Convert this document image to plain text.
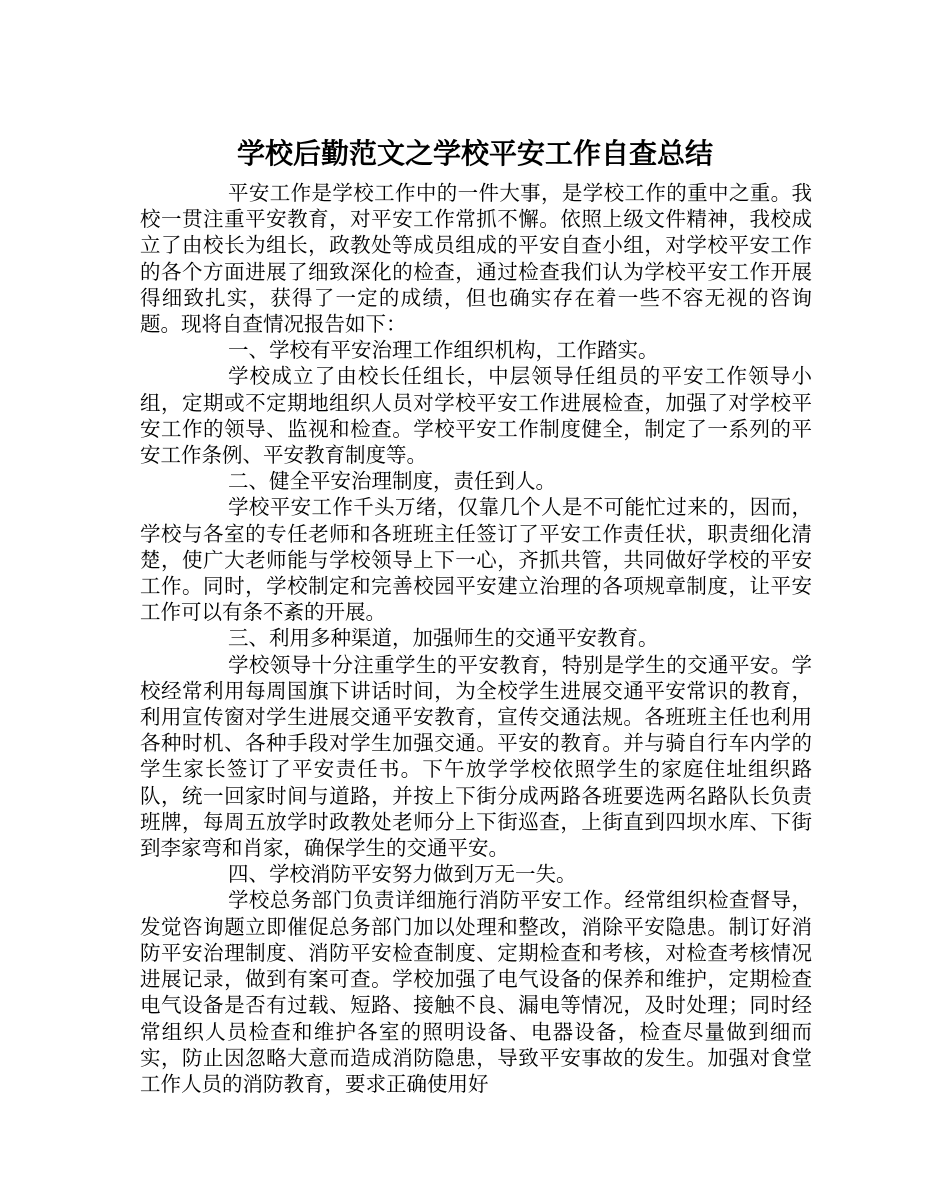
学校后勤范文之学校平安工作自查总结

平安工作是学校工作中的一件大事，是学校工作的重中之重。我校一贯注重平安教育，对平安工作常抓不懈。依照上级文件精神，我校成立了由校长为组长，政教处等成员组成的平安自查小组，对学校平安工作的各个方面进展了细致深化的检查，通过检查我们认为学校平安工作开展得细致扎实，获得了一定的成绩，但也确实存在着一些不容无视的咨询题。现将自查情况报告如下：

一、学校有平安治理工作组织机构，工作踏实。

学校成立了由校长任组长，中层领导任组员的平安工作领导小组，定期或不定期地组织人员对学校平安工作进展检查，加强了对学校平安工作的领导、监视和检查。学校平安工作制度健全，制定了一系列的平安工作条例、平安教育制度等。

二、健全平安治理制度，责任到人。

学校平安工作千头万绪，仅靠几个人是不可能忙过来的，因而，学校与各室的专任老师和各班班主任签订了平安工作责任状，职责细化清楚，使广大老师能与学校领导上下一心，齐抓共管，共同做好学校的平安工作。同时，学校制定和完善校园平安建立治理的各项规章制度，让平安工作可以有条不紊的开展。

三、利用多种渠道，加强师生的交通平安教育。

学校领导十分注重学生的平安教育，特别是学生的交通平安。学校经常利用每周国旗下讲话时间，为全校学生进展交通平安常识的教育，利用宣传窗对学生进展交通平安教育，宣传交通法规。各班班主任也利用各种时机、各种手段对学生加强交通。平安的教育。并与骑自行车内学的学生家长签订了平安责任书。下午放学学校依照学生的家庭住址组织路队，统一回家时间与道路，并按上下街分成两路各班要选两名路队长负责班牌，每周五放学时政教处老师分上下街巡查，上街直到四坝水库、下街到李家弯和肖家，确保学生的交通平安。

四、学校消防平安努力做到万无一失。

学校总务部门负责详细施行消防平安工作。经常组织检查督导，发觉咨询题立即催促总务部门加以处理和整改，消除平安隐患。制订好消防平安治理制度、消防平安检查制度、定期检查和考核，对检查考核情况进展记录，做到有案可查。学校加强了电气设备的保养和维护，定期检查电气设备是否有过载、短路、接触不良、漏电等情况，及时处理；同时经常组织人员检查和维护各室的照明设备、电器设备，检查尽量做到细而实，防止因忽略大意而造成消防隐患，导致平安事故的发生。加强对食堂工作人员的消防教育，要求正确使用好
